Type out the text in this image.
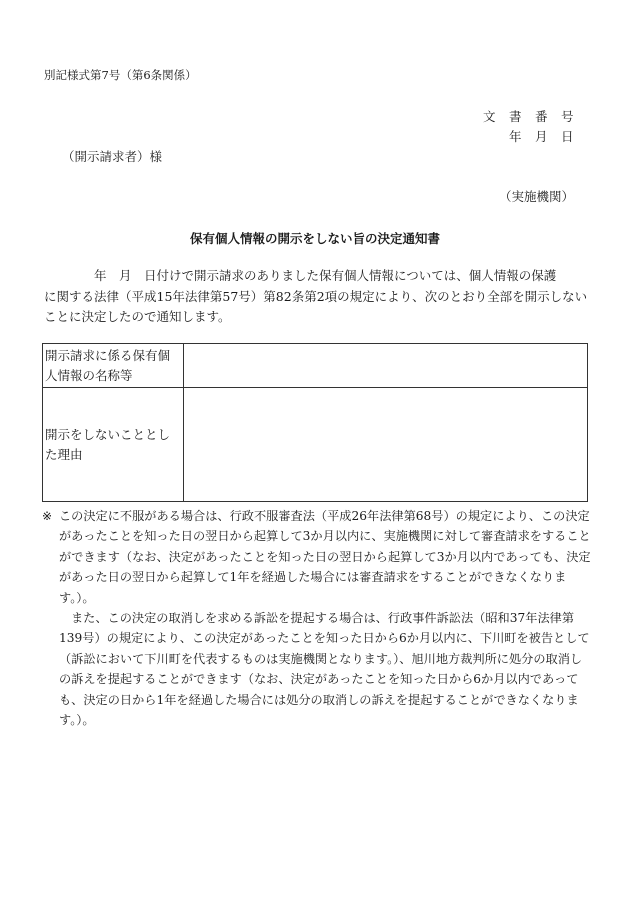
別記様式第7号（第6条関係）
文　書　番　号
年　月　日
（開示請求者）様
（実施機関）
保有個人情報の開示をしない旨の決定通知書

年　月　日付けで開示請求のありました保有個人情報については、個人情報の保護

に関する法律（平成15年法律第57号）第82条第2項の規定により、次のとおり全部を開示しないことに決定したので通知します。

開示請求に係る保有個人情報の名称等	
開示をしないこととした理由	

※ この決定に不服がある場合は、行政不服審査法（平成26年法律第68号）の規定により、この決定があったことを知った日の翌日から起算して3か月以内に、実施機関に対して審査請求をすることができます（なお、決定があったことを知った日の翌日から起算して3か月以内であっても、決定があった日の翌日から起算して1年を経過した場合には審査請求をすることができなくなります。）。

また、この決定の取消しを求める訴訟を提起する場合は、行政事件訴訟法（昭和37年法律第139号）の規定により、この決定があったことを知った日から6か月以内に、下川町を被告として（訴訟において下川町を代表するものは実施機関となります。）、旭川地方裁判所に処分の取消しの訴えを提起することができます（なお、決定があったことを知った日から6か月以内であっても、決定の日から1年を経過した場合には処分の取消しの訴えを提起することができなくなります。）。
